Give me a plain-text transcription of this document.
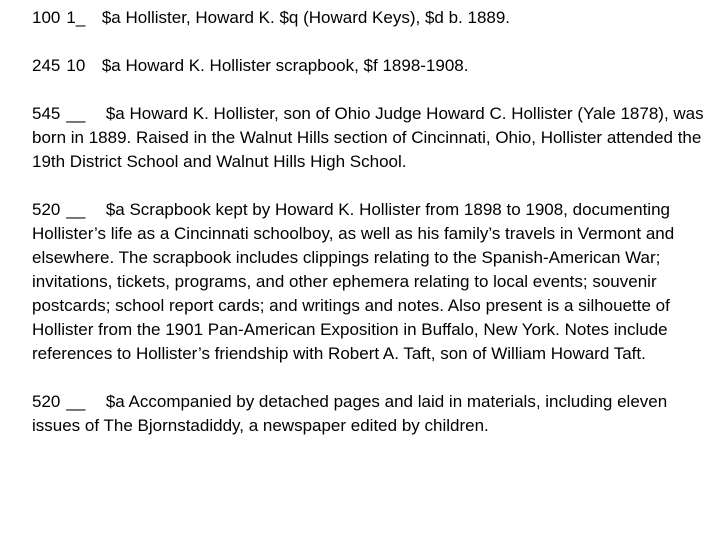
100 1_ $a Hollister, Howard K. $q (Howard Keys), $d b. 1889.
245 10 $a Howard K. Hollister scrapbook, $f 1898-1908.
545 __ $a Howard K. Hollister, son of Ohio Judge Howard C. Hollister (Yale 1878), was born in 1889. Raised in the Walnut Hills section of Cincinnati, Ohio, Hollister attended the 19th District School and Walnut Hills High School.
520 __ $a Scrapbook kept by Howard K. Hollister from 1898 to 1908, documenting Hollister’s life as a Cincinnati schoolboy, as well as his family’s travels in Vermont and elsewhere. The scrapbook includes clippings relating to the Spanish-American War; invitations, tickets, programs, and other ephemera relating to local events; souvenir postcards; school report cards; and writings and notes. Also present is a silhouette of Hollister from the 1901 Pan-American Exposition in Buffalo, New York. Notes include references to Hollister’s friendship with Robert A. Taft, son of William Howard Taft.
520 __ $a Accompanied by detached pages and laid in materials, including eleven issues of The Bjornstadiddy, a newspaper edited by children.
